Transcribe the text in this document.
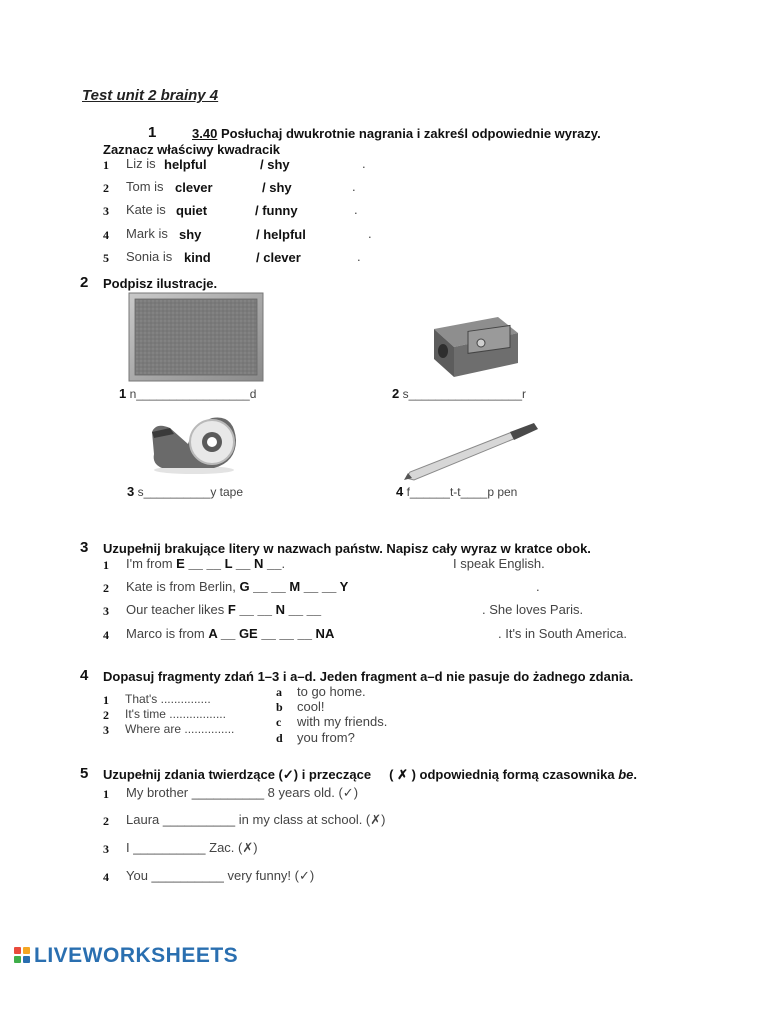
Test unit 2 brainy 4
1	3.40 Posłuchaj dwukrotnie nagrania i zakreśl odpowiednie wyrazy.
Zaznacz właściwy kwadracik
1 Liz is helpful	/ shy	.
2 Tom is clever	/ shy	.
3 Kate is quiet	/ funny	.
4 Mark is shy	/ helpful	.
5 Sonia is kind	/ clever	.
2 Podpisz ilustracje.
1 n_________________d	2 s_________________r
3 s__________y tape	4 f______t-t____p pen
3 Uzupełnij brakujące litery w nazwach państw. Napisz cały wyraz w kratce obok.
1 I'm from E __ __ L __ N __.	I speak English.
2 Kate is from Berlin, G __ __ M __ __ Y	.
3 Our teacher likes F __ __ N __ __	. She loves Paris.
4 Marco is from A __ GE __ __ __ NA	. It's in South America.
4 Dopasuj fragmenty zdań 1–3 i a–d. Jeden fragment a–d nie pasuje do żadnego zdania.
1 That's ...............
2 It's time .................
3 Where are ...............
a to go home.
b cool!
c with my friends.
d you from?
5 Uzupełnij zdania twierdzące (✓) i przeczące ( ✗ ) odpowiednią formą czasownika be.
1 My brother __________ 8 years old. (✓)
2 Laura __________ in my class at school. (✗)
3 I __________ Zac. (✗)
4 You __________ very funny! (✓)
LIVEWORKSHEETS
